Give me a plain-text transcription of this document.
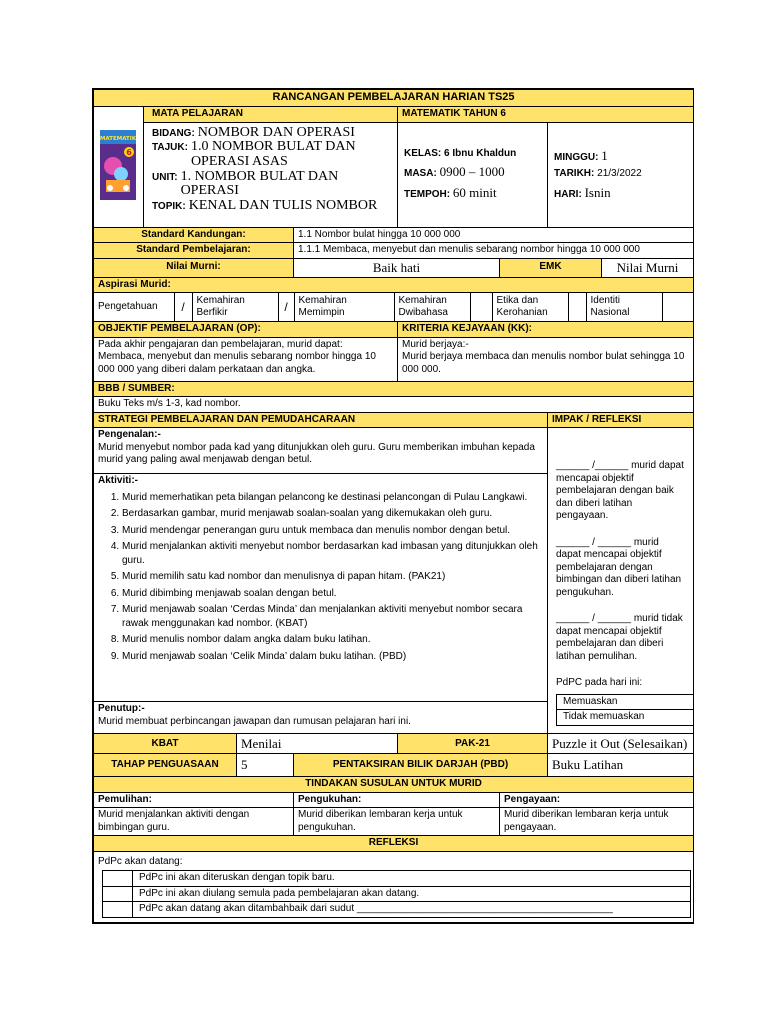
RANCANGAN PEMBELAJARAN HARIAN TS25

MATEMATIK
6
	MATA PELAJARAN	MATEMATIK TAHUN 6

BIDANG: NOMBOR DAN OPERASI
TAJUK: 1.0 NOMBOR BULAT DAN OPERASI ASAS
UNIT: 1. NOMBOR BULAT DAN OPERASI
TOPIK: KENAL DAN TULIS NOMBOR

KELAS: 6 Ibnu Khaldun
MASA: 0900 – 1000
TEMPOH: 60 minit

MINGGU: 1
TARIKH: 21/3/2022
HARI: Isnin

Standard Kandungan:	1.1 Nombor bulat hingga 10 000 000
Standard Pembelajaran:	1.1.1 Membaca, menyebut dan menulis sebarang nombor hingga 10 000 000
Nilai Murni:	Baik hati	EMK	Nilai Murni
Aspirasi Murid:

Pengetahuan	/	Kemahiran Berfikir	/	Kemahiran Memimpin	Kemahiran Dwibahasa		Etika dan Kerohanian		Identiti Nasional	

OBJEKTIF PEMBELAJARAN (OP):	KRITERIA KEJAYAAN (KK):

Pada akhir pengajaran dan pembelajaran, murid dapat:
Membaca, menyebut dan menulis sebarang nombor hingga 10 000 000 yang diberi dalam perkataan dan angka.

Murid berjaya:-
Murid berjaya membaca dan menulis nombor bulat sehingga 10 000 000.

BBB / SUMBER:
Buku Teks m/s 1-3, kad nombor.
STRATEGI PEMBELAJARAN DAN PEMUDAHCARAAN	IMPAK / REFLEKSI

Pengenalan:-
Murid menyebut nombor pada kad yang ditunjukkan oleh guru. Guru memberikan imbuhan kepada murid yang paling awal menjawab dengan betul.

______ /______ murid dapat mencapai objektif pembelajaran dengan baik dan diberi latihan pengayaan.
______ / ______ murid dapat mencapai objektif pembelajaran dengan bimbingan dan diberi latihan pengukuhan.
______ / ______ murid tidak dapat mencapai objektif pembelajaran dan diberi latihan pemulihan.
PdPC pada hari ini:
Memuaskan	
Tidak memuaskan	

Aktiviti:-
1. Murid memerhatikan peta bilangan pelancong ke destinasi pelancongan di Pulau Langkawi.
2. Berdasarkan gambar, murid menjawab soalan-soalan yang dikemukakan oleh guru.
3. Murid mendengar penerangan guru untuk membaca dan menulis nombor dengan betul.
4. Murid menjalankan aktiviti menyebut nombor berdasarkan kad imbasan yang ditunjukkan oleh guru.
5. Murid memilih satu kad nombor dan menulisnya di papan hitam. (PAK21)
6. Murid dibimbing menjawab soalan dengan betul.
7. Murid menjawab soalan ‘Cerdas Minda’ dan menjalankan aktiviti menyebut nombor secara rawak menggunakan kad nombor. (KBAT)
8. Murid menulis nombor dalam angka dalam buku latihan.
9. Murid menjawab soalan ‘Celik Minda’ dalam buku latihan. (PBD)

Penutup:-
Murid membuat perbincangan jawapan dan rumusan pelajaran hari ini.

KBAT	Menilai	PAK-21	Puzzle it Out (Selesaikan)
TAHAP PENGUASAAN	5	PENTAKSIRAN BILIK DARJAH (PBD)	Buku Latihan
TINDAKAN SUSULAN UNTUK MURID
Pemulihan:	Pengukuhan:	Pengayaan:
Murid menjalankan aktiviti dengan bimbingan guru.	Murid diberikan lembaran kerja untuk pengukuhan.	Murid diberikan lembaran kerja untuk pengayaan.
REFLEKSI

PdPc akan datang:
	PdPc ini akan diteruskan dengan topik baru.
	PdPc ini akan diulang semula pada pembelajaran akan datang.
	PdPc akan datang akan ditambahbaik dari sudut ______________________________________________
